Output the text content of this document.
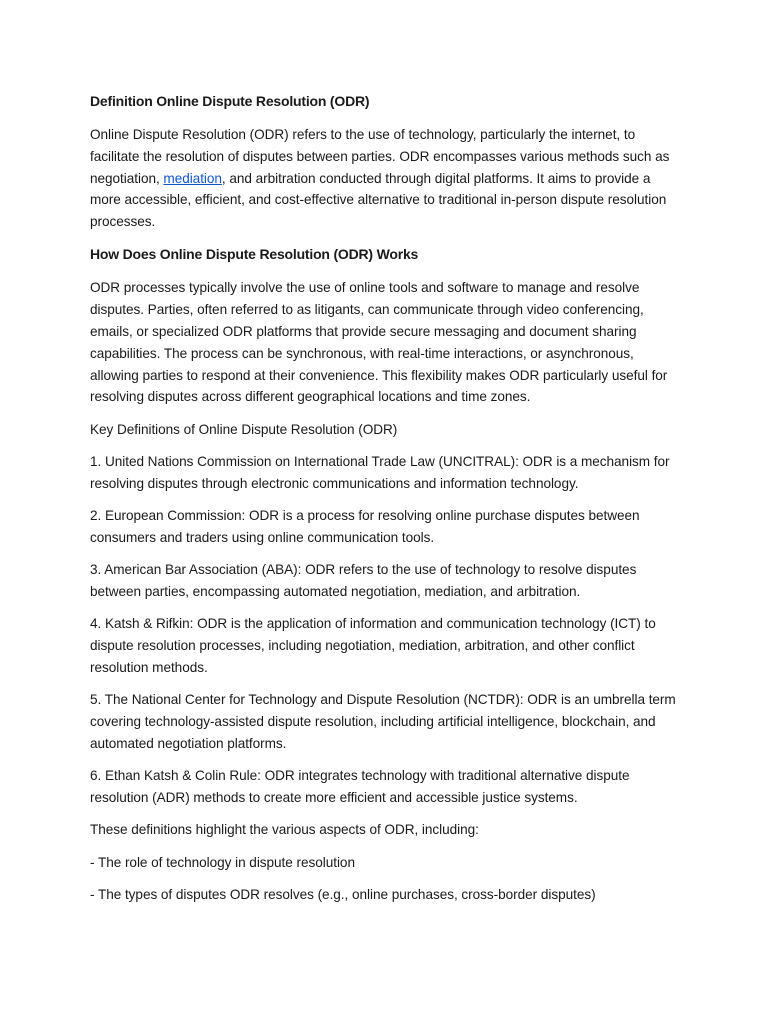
Definition Online Dispute Resolution (ODR)

Online Dispute Resolution (ODR) refers to the use of technology, particularly the internet, to facilitate the resolution of disputes between parties. ODR encompasses various methods such as negotiation, mediation, and arbitration conducted through digital platforms. It aims to provide a more accessible, efficient, and cost-effective alternative to traditional in-person dispute resolution processes.

How Does Online Dispute Resolution (ODR) Works

ODR processes typically involve the use of online tools and software to manage and resolve disputes. Parties, often referred to as litigants, can communicate through video conferencing, emails, or specialized ODR platforms that provide secure messaging and document sharing capabilities. The process can be synchronous, with real-time interactions, or asynchronous, allowing parties to respond at their convenience. This flexibility makes ODR particularly useful for resolving disputes across different geographical locations and time zones.

Key Definitions of Online Dispute Resolution (ODR)

1. United Nations Commission on International Trade Law (UNCITRAL): ODR is a mechanism for resolving disputes through electronic communications and information technology.

2. European Commission: ODR is a process for resolving online purchase disputes between consumers and traders using online communication tools.

3. American Bar Association (ABA): ODR refers to the use of technology to resolve disputes between parties, encompassing automated negotiation, mediation, and arbitration.

4. Katsh & Rifkin: ODR is the application of information and communication technology (ICT) to dispute resolution processes, including negotiation, mediation, arbitration, and other conflict resolution methods.

5. The National Center for Technology and Dispute Resolution (NCTDR): ODR is an umbrella term covering technology-assisted dispute resolution, including artificial intelligence, blockchain, and automated negotiation platforms.

6. Ethan Katsh & Colin Rule: ODR integrates technology with traditional alternative dispute resolution (ADR) methods to create more efficient and accessible justice systems.

These definitions highlight the various aspects of ODR, including:

- The role of technology in dispute resolution

- The types of disputes ODR resolves (e.g., online purchases, cross-border disputes)
